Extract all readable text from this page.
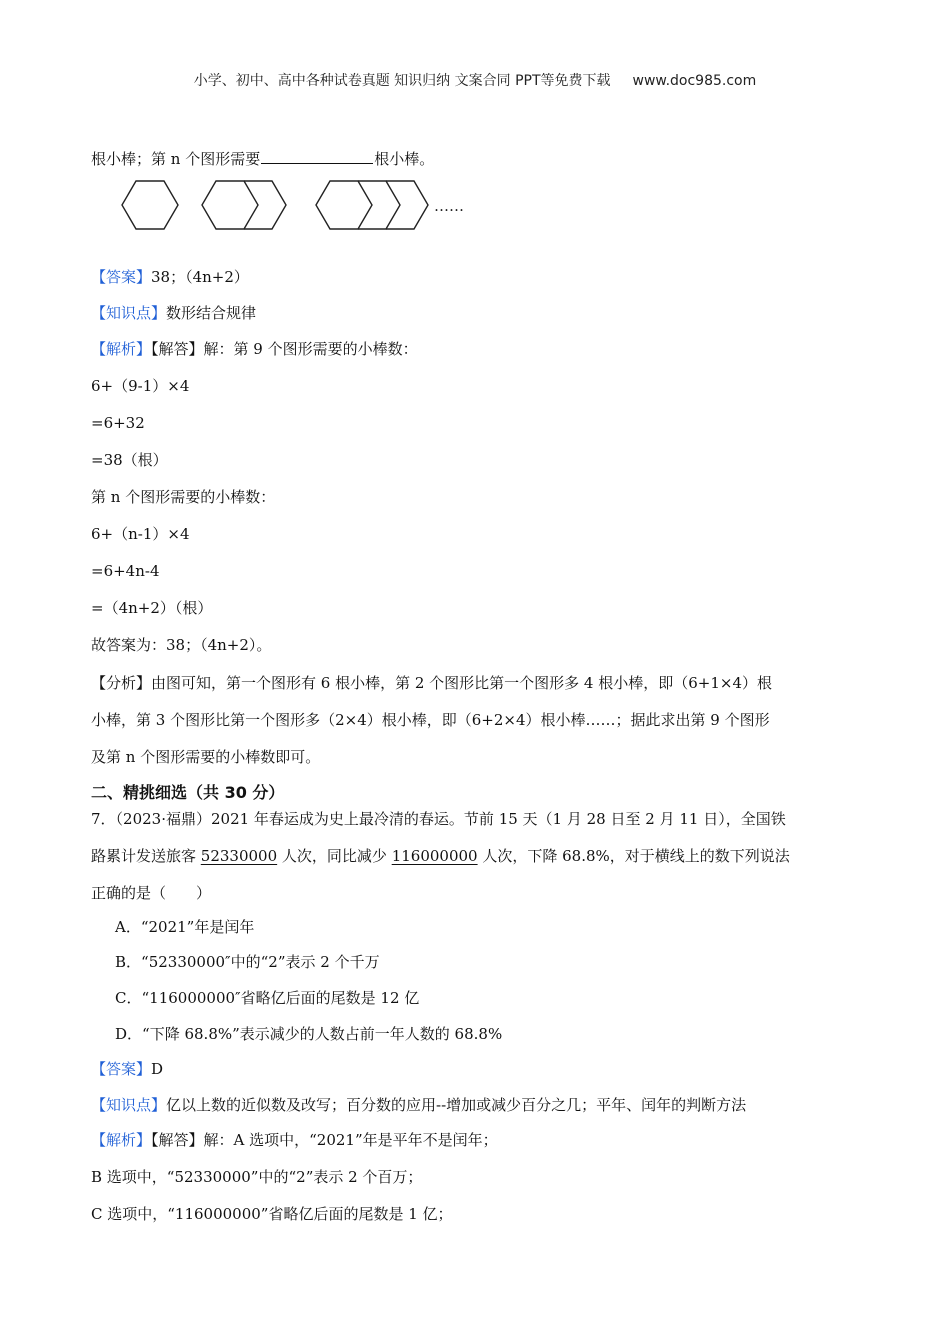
小学、初中、高中各种试卷真题 知识归纳 文案合同 PPT等免费下载 www.doc985.com
……

根小棒；第 n 个图形需要	根小棒。

【答案】38；（4n+2）

【知识点】数形结合规律

【解析】【解答】解：第 9 个图形需要的小棒数：

6+（9-1）×4

=6+32

=38（根）

第 n 个图形需要的小棒数：

6+（n-1）×4

=6+4n-4

=（4n+2）（根）

故答案为：38；（4n+2）。

【分析】由图可知，第一个图形有 6 根小棒，第 2 个图形比第一个图形多 4 根小棒，即（6+1×4）根

小棒，第 3 个图形比第一个图形多（2×4）根小棒，即（6+2×4）根小棒……；据此求出第 9 个图形

及第 n 个图形需要的小棒数即可。

二、精挑细选（共 30 分）

7．（2023·福鼎）2021 年春运成为史上最冷清的春运。节前 15 天（1 月 28 日至 2 月 11 日），全国铁

路累计发送旅客 52330000 人次，同比减少 116000000 人次，下降 68.8%，对于横线上的数下列说法

正确的是（　　）

A．“2021”年是闰年

B．“52330000″中的“2”表示 2 个千万

C．“116000000″省略亿后面的尾数是 12 亿

D．“下降 68.8%”表示减少的人数占前一年人数的 68.8%

【答案】D

【知识点】亿以上数的近似数及改写；百分数的应用--增加或减少百分之几；平年、闰年的判断方法

【解析】【解答】解：A 选项中，“2021”年是平年不是闰年；

B 选项中，“52330000”中的“2”表示 2 个百万；

C 选项中，“116000000”省略亿后面的尾数是 1 亿；
